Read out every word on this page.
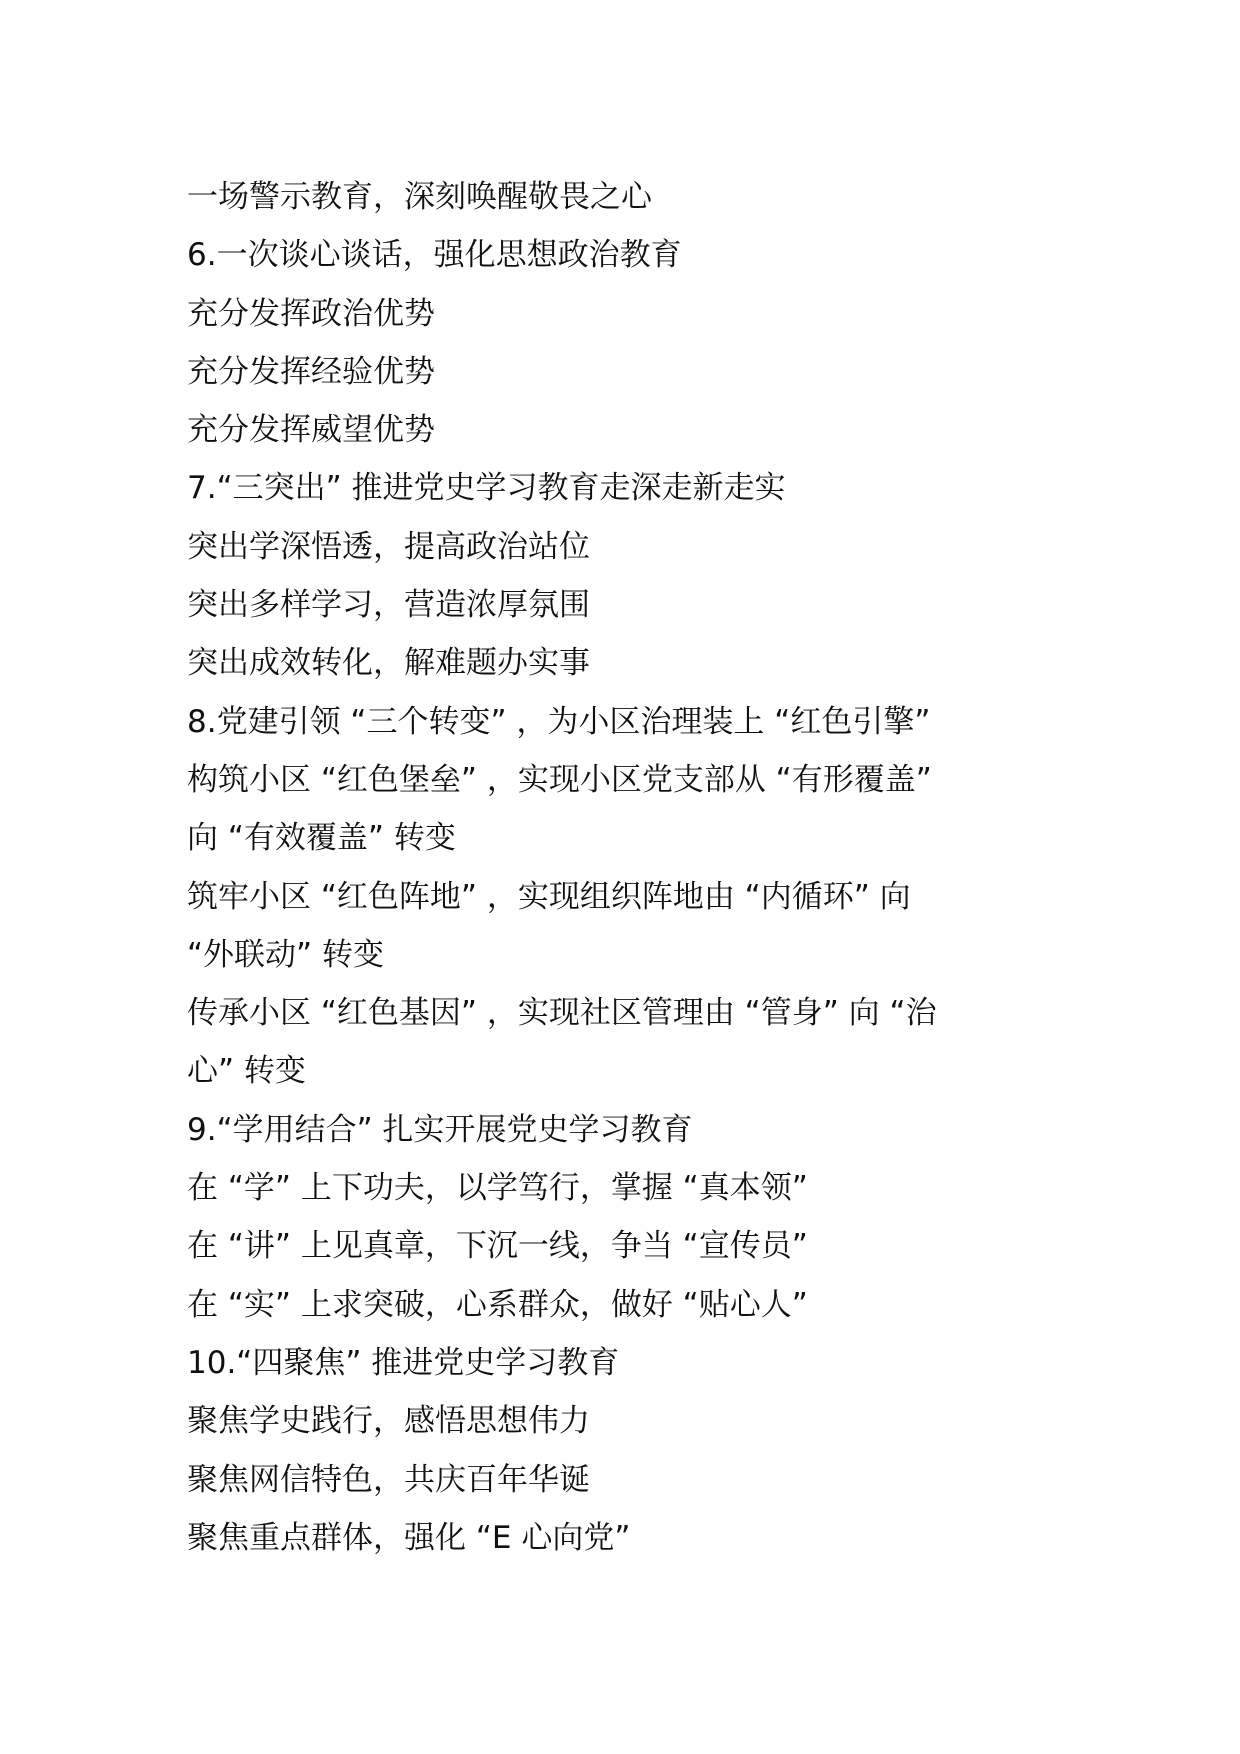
一场警示教育，深刻唤醒敬畏之心

6.一次谈心谈话，强化思想政治教育

充分发挥政治优势

充分发挥经验优势

充分发挥威望优势

7.“三突出” 推进党史学习教育走深走新走实

突出学深悟透，提高政治站位

突出多样学习，营造浓厚氛围

突出成效转化，解难题办实事

8.党建引领 “三个转变” ，为小区治理装上 “红色引擎”

构筑小区 “红色堡垒” ，实现小区党支部从 “有形覆盖”

向 “有效覆盖” 转变

筑牢小区 “红色阵地” ，实现组织阵地由 “内循环” 向

“外联动” 转变

传承小区 “红色基因” ，实现社区管理由 “管身” 向 “治

心” 转变

9.“学用结合” 扎实开展党史学习教育

在 “学” 上下功夫，以学笃行，掌握 “真本领”

在 “讲” 上见真章，下沉一线，争当 “宣传员”

在 “实” 上求突破，心系群众，做好 “贴心人”

10.“四聚焦” 推进党史学习教育

聚焦学史践行，感悟思想伟力

聚焦网信特色，共庆百年华诞

聚焦重点群体，强化 “E 心向党”
